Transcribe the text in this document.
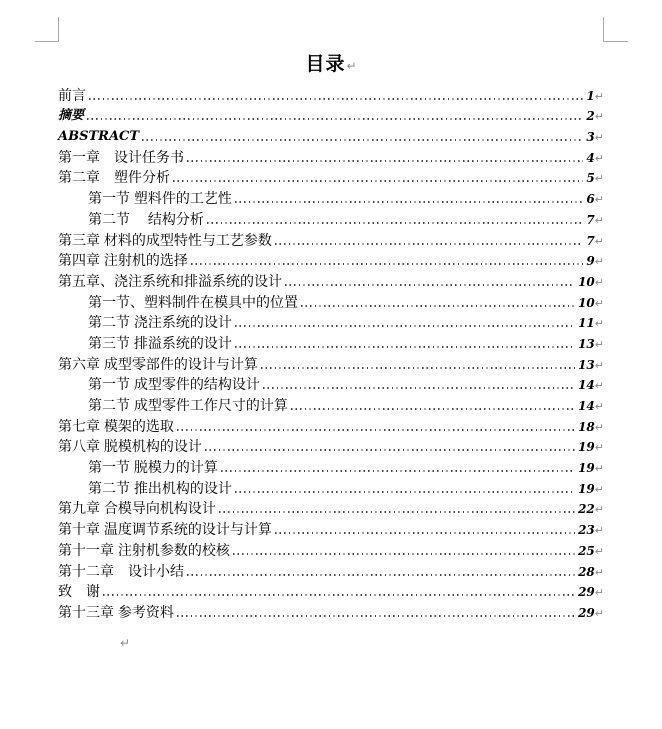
目录↵
前言	1 ↵
摘要	2 ↵
ABSTRACT	3 ↵
第一章　设计任务书	4 ↵
第二章　塑件分析	5 ↵
第一节 塑料件的工艺性	6 ↵
第二节　 结构分析	7 ↵
第三章 材料的成型特性与工艺参数	7 ↵
第四章 注射机的选择	9 ↵
第五章、浇注系统和排溢系统的设计	10 ↵
第一节、塑料制件在模具中的位置	10 ↵
第二节 浇注系统的设计	11 ↵
第三节 排溢系统的设计	13 ↵
第六章 成型零部件的设计与计算	13 ↵
第一节 成型零件的结构设计	14 ↵
第二节 成型零件工作尺寸的计算	14 ↵
第七章 模架的选取	18 ↵
第八章 脱模机构的设计	19 ↵
第一节 脱模力的计算	19 ↵
第二节 推出机构的设计	19 ↵
第九章 合模导向机构设计	22 ↵
第十章 温度调节系统的设计与计算	23 ↵
第十一章 注射机参数的校核	25 ↵
第十二章　设计小结	28 ↵
致　谢	29 ↵
第十三章 参考资料	29 ↵
↵
